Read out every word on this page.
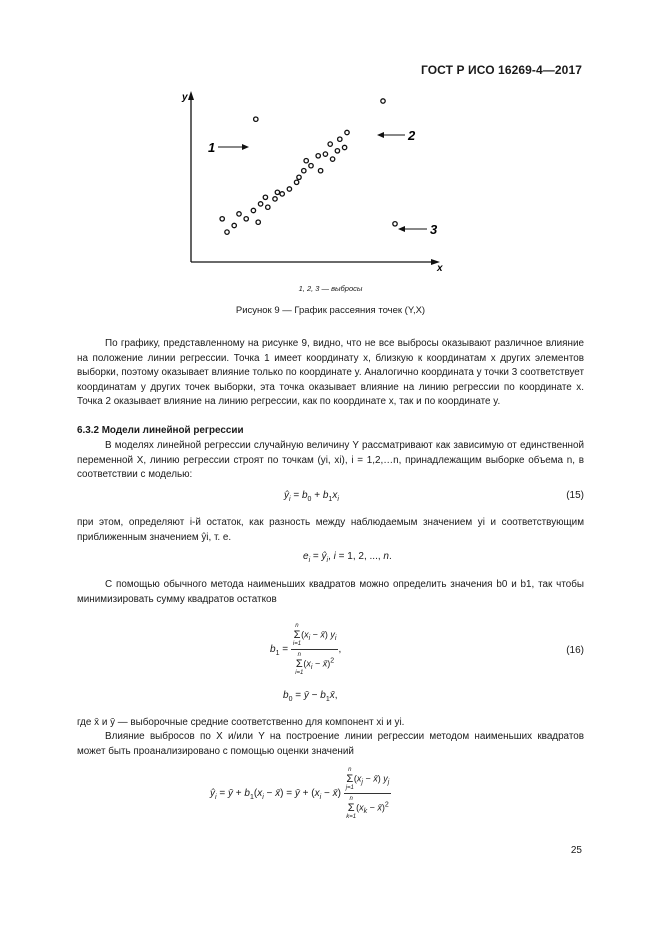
ГОСТ Р ИСО 16269-4—2017
y
x
1
2
3
1, 2, 3 — выбросы
Рисунок 9 — График рассеяния точек (Y,X)
По графику, представленному на рисунке 9, видно, что не все выбросы оказывают различное влияние на положение линии регрессии. Точка 1 имеет координату x, близкую к координатам x других элементов выборки, поэтому оказывает влияние только по координате y. Аналогично координата y точки 3 соответствует координатам y других точек выборки, эта точка оказывает влияние на линию регрессии по координате x. Точка 2 оказывает влияние на линию регрессии, как по координате x, так и по координате y.
6.3.2 Модели линейной регрессии
В моделях линейной регрессии случайную величину Y рассматривают как зависимую от единственной переменной X, линию регрессии строят по точкам (yi, xi), i = 1,2,…n, принадлежащим выборке объема n, в соответствии с моделью:
$ŷ_i = b_0 + b_1x_i$	(15)
при этом, определяют i-й остаток, как разность между наблюдаемым значением yi и соответствующим приближенным значением ŷi, т. е.
$e_i$ = $ŷ_i$, i = 1, 2, ..., n.
С помощью обычного метода наименьших квадратов можно определить значения b0 и b1, так чтобы минимизировать сумму квадратов остатков
$b_1 = n$
Σ
i=1
($x_i$ − x̄) $y_i$
n
Σ
i=1
($x_i$ − x̄)$^2$ ,	(16)
$b_0$ = ȳ − $b_1x̄$,
где x̄ и ȳ — выборочные средние соответственно для компонент xi и yi.
Влияние выбросов по X и/или Y на построение линии регрессии методом наименьших квадратов может быть проанализировано с помощью оценки значений
$ŷ_i$ = ȳ + $b_1(x_i$ − x̄) = ȳ + ($x_i$ − x̄) n
Σ
j=1
($x_j$ − x̄) $y_j$
n
Σ
k=1
($x_k$ − x̄)$^2$
25
